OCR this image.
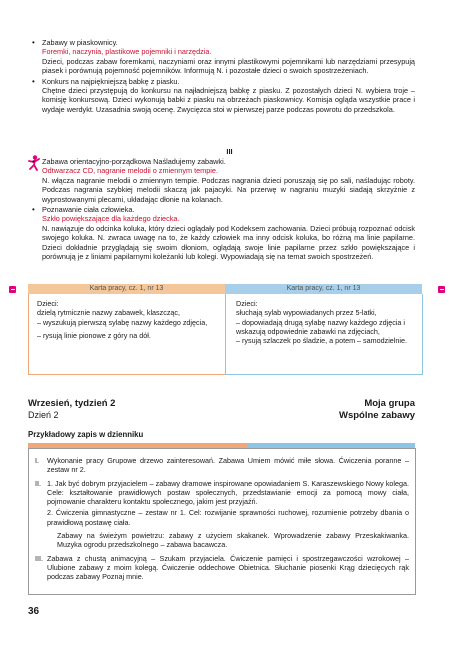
• Zabawy w piaskownicy.

Foremki, naczynia, plastikowe pojemniki i narzędzia.

Dzieci, podczas zabaw foremkami, naczyniami oraz innymi plastikowymi pojemnikami lub narzędziami przesypują piasek i porównują pojemność pojemników. Informują N. i pozostałe dzieci o swoich spostrzeżeniach.

• Konkurs na najpiękniejszą babkę z piasku.

Chętne dzieci przystępują do konkursu na najładniejszą babkę z piasku. Z pozostałych dzieci N. wybiera troje – komisję konkursową. Dzieci wykonują babki z piasku na obrzeżach piaskownicy. Komisja ogląda wszystkie prace i wydaje werdykt. Uzasadnia swoją ocenę. Zwycięzca stoi w pierwszej parze podczas powrotu do przedszkola.

III
• Zabawa orientacyjno-porządkowa Naśladujemy zabawki.

Odtwarzacz CD, nagranie melodii o zmiennym tempie.

N. włącza nagranie melodii o zmiennym tempie. Podczas nagrania dzieci poruszają się po sali, naśladując roboty. Podczas nagrania szybkiej melodii skaczą jak pajacyki. Na przerwę w nagraniu muzyki siadają skrzyżnie z wyprostowanymi plecami, układając dłonie na kolanach.

• Poznawanie ciała człowieka.

Szkło powiększające dla każdego dziecka.

N. nawiązuje do odcinka koluka, który dzieci oglądały pod Kodeksem zachowania. Dzieci próbują rozpoznać odcisk swojego koluka. N. zwraca uwagę na to, że każdy człowiek ma inny odcisk koluka, bo różną ma linie papilarne. Dzieci dokładnie przyglądają się swoim dłoniom, oglądają swoje linie papilarne przez szkło powiększające i porównują je z liniami papilarnymi koleżanki lub kolegi. Wypowiadają się na temat swoich spostrzeżeń.

Karta pracy, cz. 1, nr 13	Karta pracy, cz. 1, nr 13

Dzieci:

dzielą rytmicznie nazwy zabawek, klaszcząc,

– wyszukują pierwszą sylabę nazwy każdego zdjęcia,

– rysują linie pionowe z góry na dół.

Dzieci:

słuchają sylab wypowiadanych przez 5-latki,

– dopowiadają drugą sylabę nazwy każdego zdjęcia i wskazują odpowiednie zabawki na zdjęciach,

– rysują szlaczek po śladzie, a potem – samodzielnie.

Wrzesień, tydzień 2
Dzień 2
Moja grupa
Wspólne zabawy
Przykładowy zapis w dzienniku
I. Wykonanie pracy Grupowe drzewo zainteresowań. Zabawa Umiem mówić miłe słowa. Ćwiczenia poranne – zestaw nr 2.

II. 1. Jak być dobrym przyjacielem – zabawy dramowe inspirowane opowiadaniem S. Karaszewskiego Nowy kolega. Cele: kształtowanie prawidłowych postaw społecznych, przedstawianie emocji za pomocą mowy ciała, pojmowanie charakteru kontaktu społecznego, jakim jest przyjaźń.

2. Ćwiczenia gimnastyczne – zestaw nr 1. Cel: rozwijanie sprawności ruchowej, rozumienie potrzeby dbania o prawidłową postawę ciała.

Zabawy na świeżym powietrzu: zabawy z użyciem skakanek. Wprowadzenie zabawy Przeskakiwanka. Muzyka ogrodu przedszkolnego – zabawa bacawcza.

III. Zabawa z chustą animacyjną – Szukam przyjaciela. Ćwiczenie pamięci i spostrzegawczości wzrokowej – Ulubione zabawy z moim kolegą. Ćwiczenie oddechowe Obietnica. Słuchanie piosenki Krąg dziecięcych rąk podczas zabawy Poznaj mnie.

36
